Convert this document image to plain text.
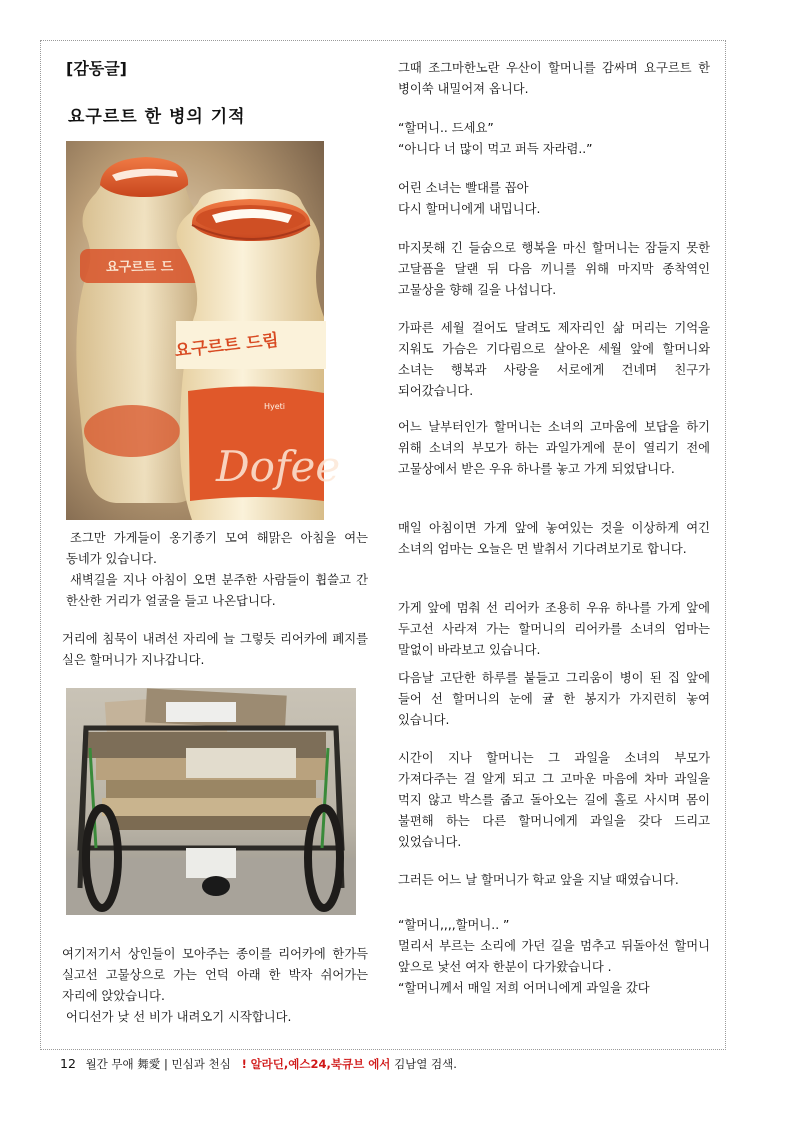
[감동글]

요구르트 한 병의 기적

요구르트 드
요구르트 드림
Dofee
Hyeti

조그만 가게들이 옹기종기 모여 해맑은 아침을 여는 동네가 있습니다.

새벽길을 지나 아침이 오면 분주한 사람들이 휩쓸고 간 한산한 거리가 얼굴을 들고 나온답니다.

거리에 침묵이 내려선 자리에 늘 그렇듯 리어카에 폐지를 실은 할머니가 지나갑니다.

여기저기서 상인들이 모아주는 종이를 리어카에 한가득 실고선 고물상으로 가는 언덕 아래 한 박자 쉬어가는 자리에 앉았습니다.

어디선가 낮 선 비가 내려오기 시작합니다.

그때 조그마한노란 우산이 할머니를 감싸며 요구르트 한 병이쑥 내밀어져 옵니다.

“할머니.. 드세요”

“아니다 너 많이 먹고 퍼득 자라렴..”

어린 소녀는 빨대를 꼽아

다시 할머니에게 내밉니다.

마지못해 긴 들숨으로 행복을 마신 할머니는 잠들지 못한 고달픔을 달랜 뒤 다음 끼니를 위해 마지막 종착역인 고물상을 향해 길을 나섭니다.

가파른 세월 걸어도 달려도 제자리인 삶 머리는 기억을 지워도 가슴은 기다림으로 살아온 세월 앞에 할머니와 소녀는 행복과 사랑을 서로에게 건네며 친구가 되어갔습니다.

어느 날부터인가 할머니는 소녀의 고마움에 보답을 하기 위해 소녀의 부모가 하는 과일가게에 문이 열리기 전에 고물상에서 받은 우유 하나를 놓고 가게 되었답니다.

매일 아침이면 가게 앞에 놓여있는 것을 이상하게 여긴 소녀의 엄마는 오늘은 먼 발취서 기다려보기로 합니다.

가게 앞에 멈춰 선 리어카 조용히 우유 하나를 가게 앞에 두고선 사라져 가는 할머니의 리어카를 소녀의 엄마는 말없이 바라보고 있습니다.

다음날 고단한 하루를 붙들고 그리움이 병이 된 집 앞에 들어 선 할머니의 눈에 귤 한 봉지가 가지런히 놓여 있습니다.

시간이 지나 할머니는 그 과일을 소녀의 부모가 가져다주는 걸 알게 되고 그 고마운 마음에 차마 과일을 먹지 않고 박스를 줍고 돌아오는 길에 홀로 사시며 몸이 불편해 하는 다른 할머니에게 과일을 갖다 드리고 있었습니다.

그러든 어느 날 할머니가 학교 앞을 지날 때였습니다.

“할머니,,,,할머니.. ”

멀리서 부르는 소리에 가던 길을 멈추고 뒤돌아선 할머니 앞으로 낯선 여자 한분이 다가왔습니다 .

“할머니께서 매일 저희 어머니에게 과일을 갔다

12 월간 무애 舞愛 | 민심과 천심 ! 알라딘,예스24,북큐브 에서 김남열 검색.
